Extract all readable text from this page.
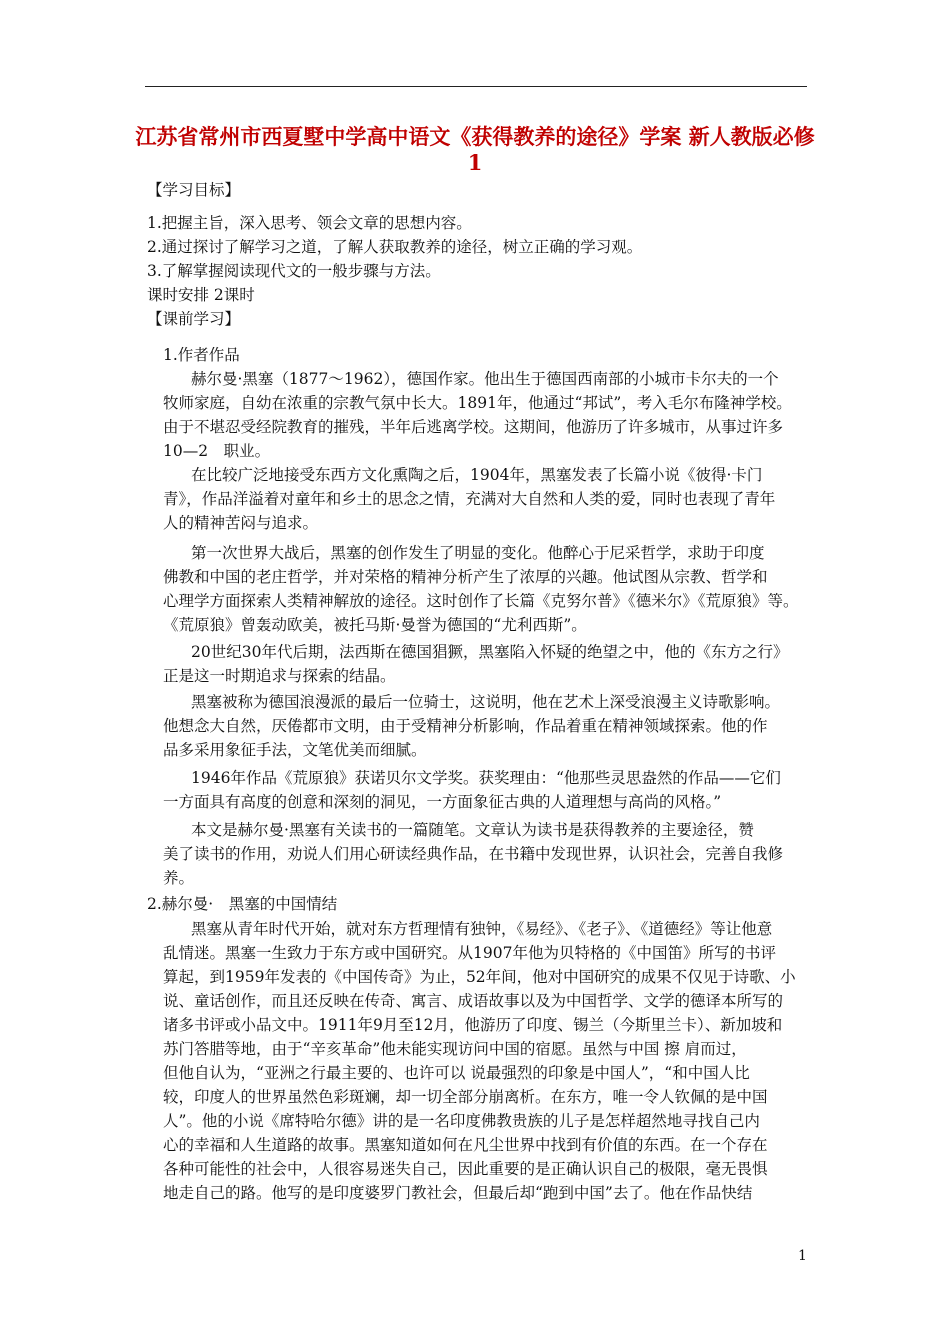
江苏省常州市西夏墅中学高中语文《获得教养的途径》学案 新人教版必修1
【学习目标】
1.把握主旨，深入思考、领会文章的思想内容。
2.通过探讨了解学习之道，了解人获取教养的途径，树立正确的学习观。
3.了解掌握阅读现代文的一般步骤与方法。
课时安排 2课时
【课前学习】
1.作者作品
赫尔曼·黑塞（1877～1962），德国作家。他出生于德国西南部的小城市卡尔夫的一个
牧师家庭，自幼在浓重的宗教气氛中长大。1891年，他通过“邦试”，考入毛尔布隆神学校。
由于不堪忍受经院教育的摧残，半年后逃离学校。这期间，他游历了许多城市，从事过许多
10—2　职业。
在比较广泛地接受东西方文化熏陶之后，1904年，黑塞发表了长篇小说《彼得·卡门
青》，作品洋溢着对童年和乡土的思念之情，充满对大自然和人类的爱，同时也表现了青年
人的精神苦闷与追求。
第一次世界大战后，黑塞的创作发生了明显的变化。他醉心于尼采哲学，求助于印度
佛教和中国的老庄哲学，并对荣格的精神分析产生了浓厚的兴趣。他试图从宗教、哲学和
心理学方面探索人类精神解放的途径。这时创作了长篇《克努尔普》《德米尔》《荒原狼》等。
《荒原狼》曾轰动欧美，被托马斯·曼誉为德国的“尤利西斯”。
20世纪30年代后期，法西斯在德国猖獗，黑塞陷入怀疑的绝望之中，他的《东方之行》
正是这一时期追求与探索的结晶。
黑塞被称为德国浪漫派的最后一位骑士，这说明，他在艺术上深受浪漫主义诗歌影响。
他想念大自然，厌倦都市文明，由于受精神分析影响，作品着重在精神领域探索。他的作
品多采用象征手法，文笔优美而细腻。
1946年作品《荒原狼》获诺贝尔文学奖。获奖理由：“他那些灵思盎然的作品——它们
一方面具有高度的创意和深刻的洞见，一方面象征古典的人道理想与高尚的风格。”
本文是赫尔曼·黑塞有关读书的一篇随笔。文章认为读书是获得教养的主要途径，赞
美了读书的作用，劝说人们用心研读经典作品，在书籍中发现世界，认识社会，完善自我修
养。
2.赫尔曼·　黑塞的中国情结
黑塞从青年时代开始，就对东方哲理情有独钟，《易经》、《老子》、《道德经》等让他意
乱情迷。黑塞一生致力于东方或中国研究。从1907年他为贝特格的《中国笛》所写的书评
算起，到1959年发表的《中国传奇》为止，52年间，他对中国研究的成果不仅见于诗歌、小
说、童话创作，而且还反映在传奇、寓言、成语故事以及为中国哲学、文学的德译本所写的
诸多书评或小品文中。1911年9月至12月，他游历了印度、锡兰（今斯里兰卡）、新加坡和
苏门答腊等地，由于“辛亥革命”他未能实现访问中国的宿愿。虽然与中国 擦 肩而过，
但他自认为，“亚洲之行最主要的、也许可以 说最强烈的印象是中国人”，“和中国人比
较，印度人的世界虽然色彩斑斓，却一切全部分崩离析。在东方，唯一令人钦佩的是中国
人”。他的小说《席特哈尔德》讲的是一名印度佛教贵族的儿子是怎样超然地寻找自己内
心的幸福和人生道路的故事。黑塞知道如何在凡尘世界中找到有价值的东西。在一个存在
各种可能性的社会中，人很容易迷失自己，因此重要的是正确认识自己的极限，毫无畏惧
地走自己的路。他写的是印度婆罗门教社会，但最后却“跑到中国”去了。他在作品快结
1
